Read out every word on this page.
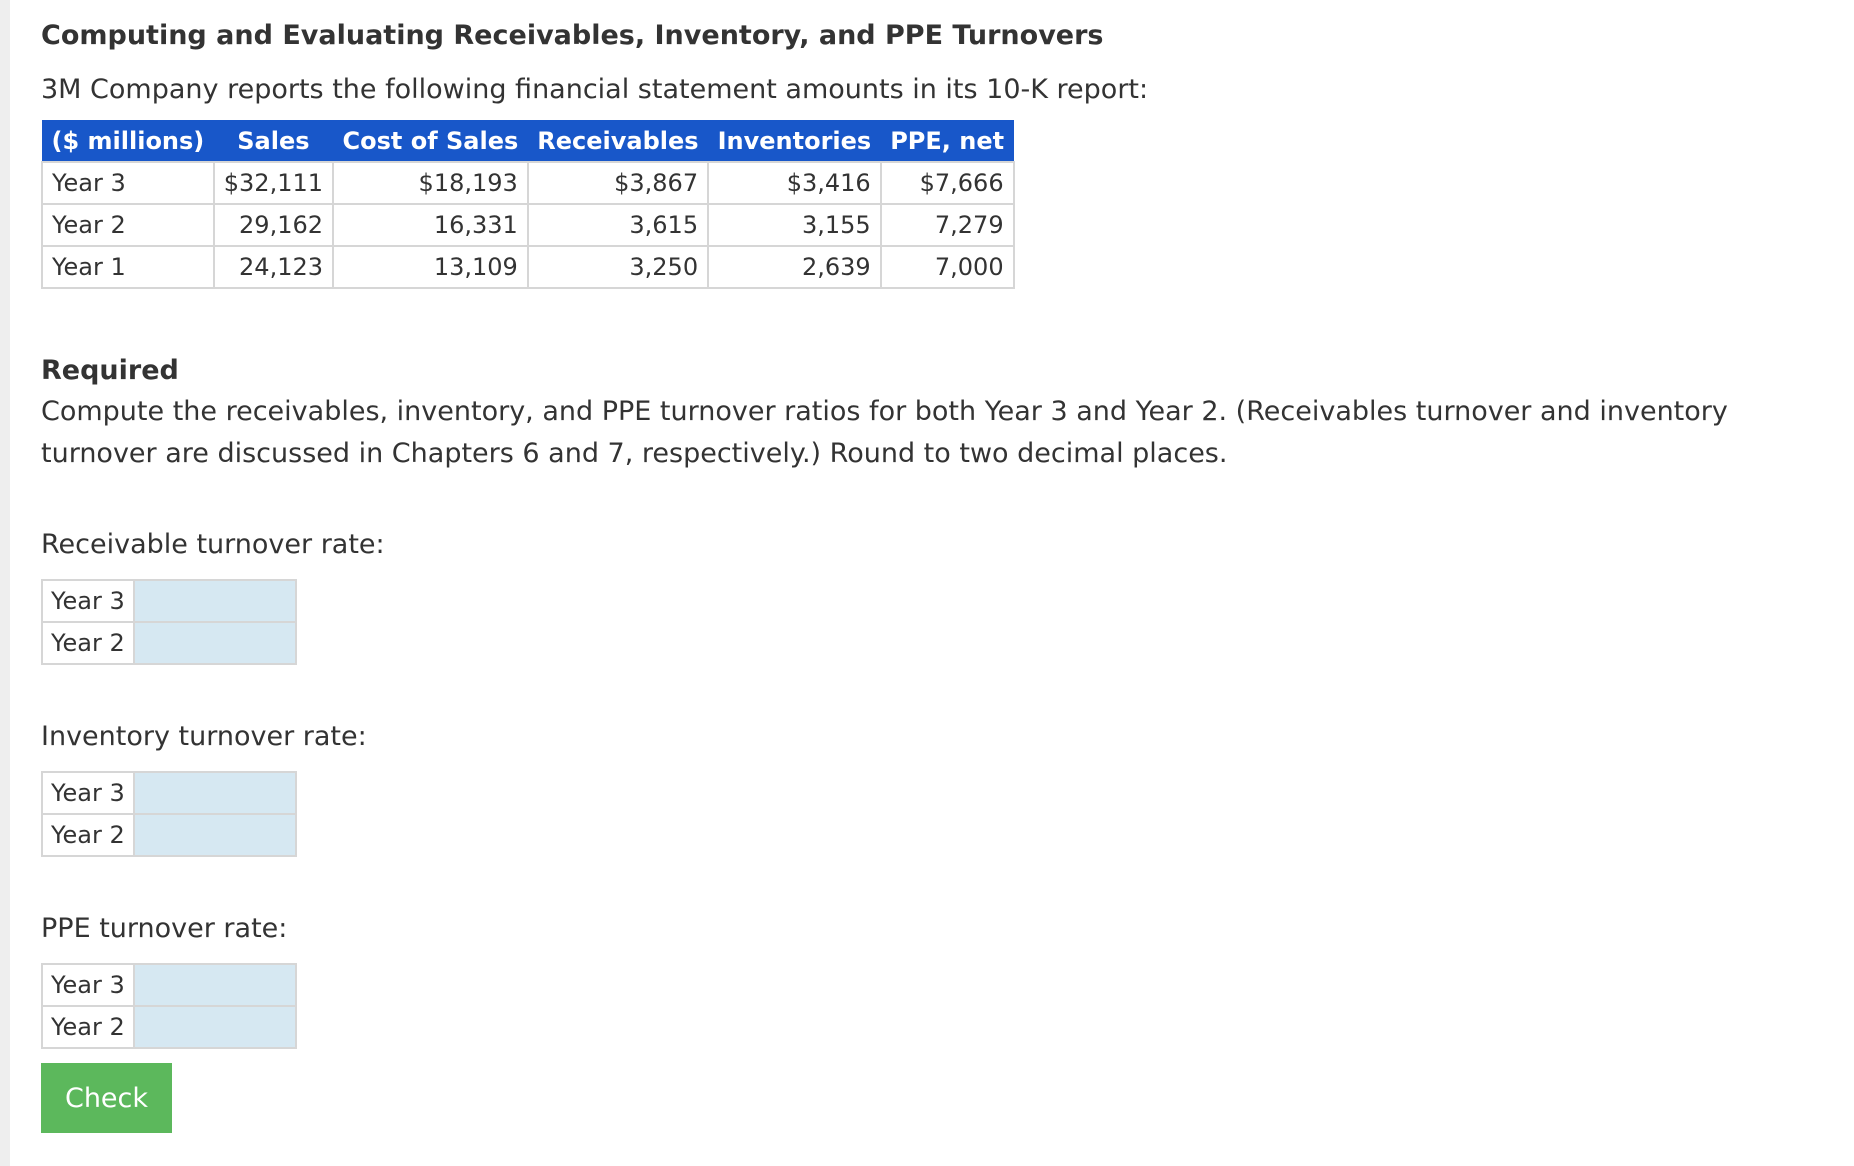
Computing and Evaluating Receivables, Inventory, and PPE Turnovers
3M Company reports the following financial statement amounts in its 10-K report:
($ millions)	Sales	Cost of Sales	Receivables	Inventories	PPE, net
Year 3	$32,111	$18,193	$3,867	$3,416	$7,666
Year 2	29,162	16,331	3,615	3,155	7,279
Year 1	24,123	13,109	3,250	2,639	7,000
Required
Compute the receivables, inventory, and PPE turnover ratios for both Year 3 and Year 2. (Receivables turnover and inventory turnover are discussed in Chapters 6 and 7, respectively.) Round to two decimal places.
Receivable turnover rate:
Year 3	
Year 2	
Inventory turnover rate:
Year 3	
Year 2	
PPE turnover rate:
Year 3	
Year 2	
Check
